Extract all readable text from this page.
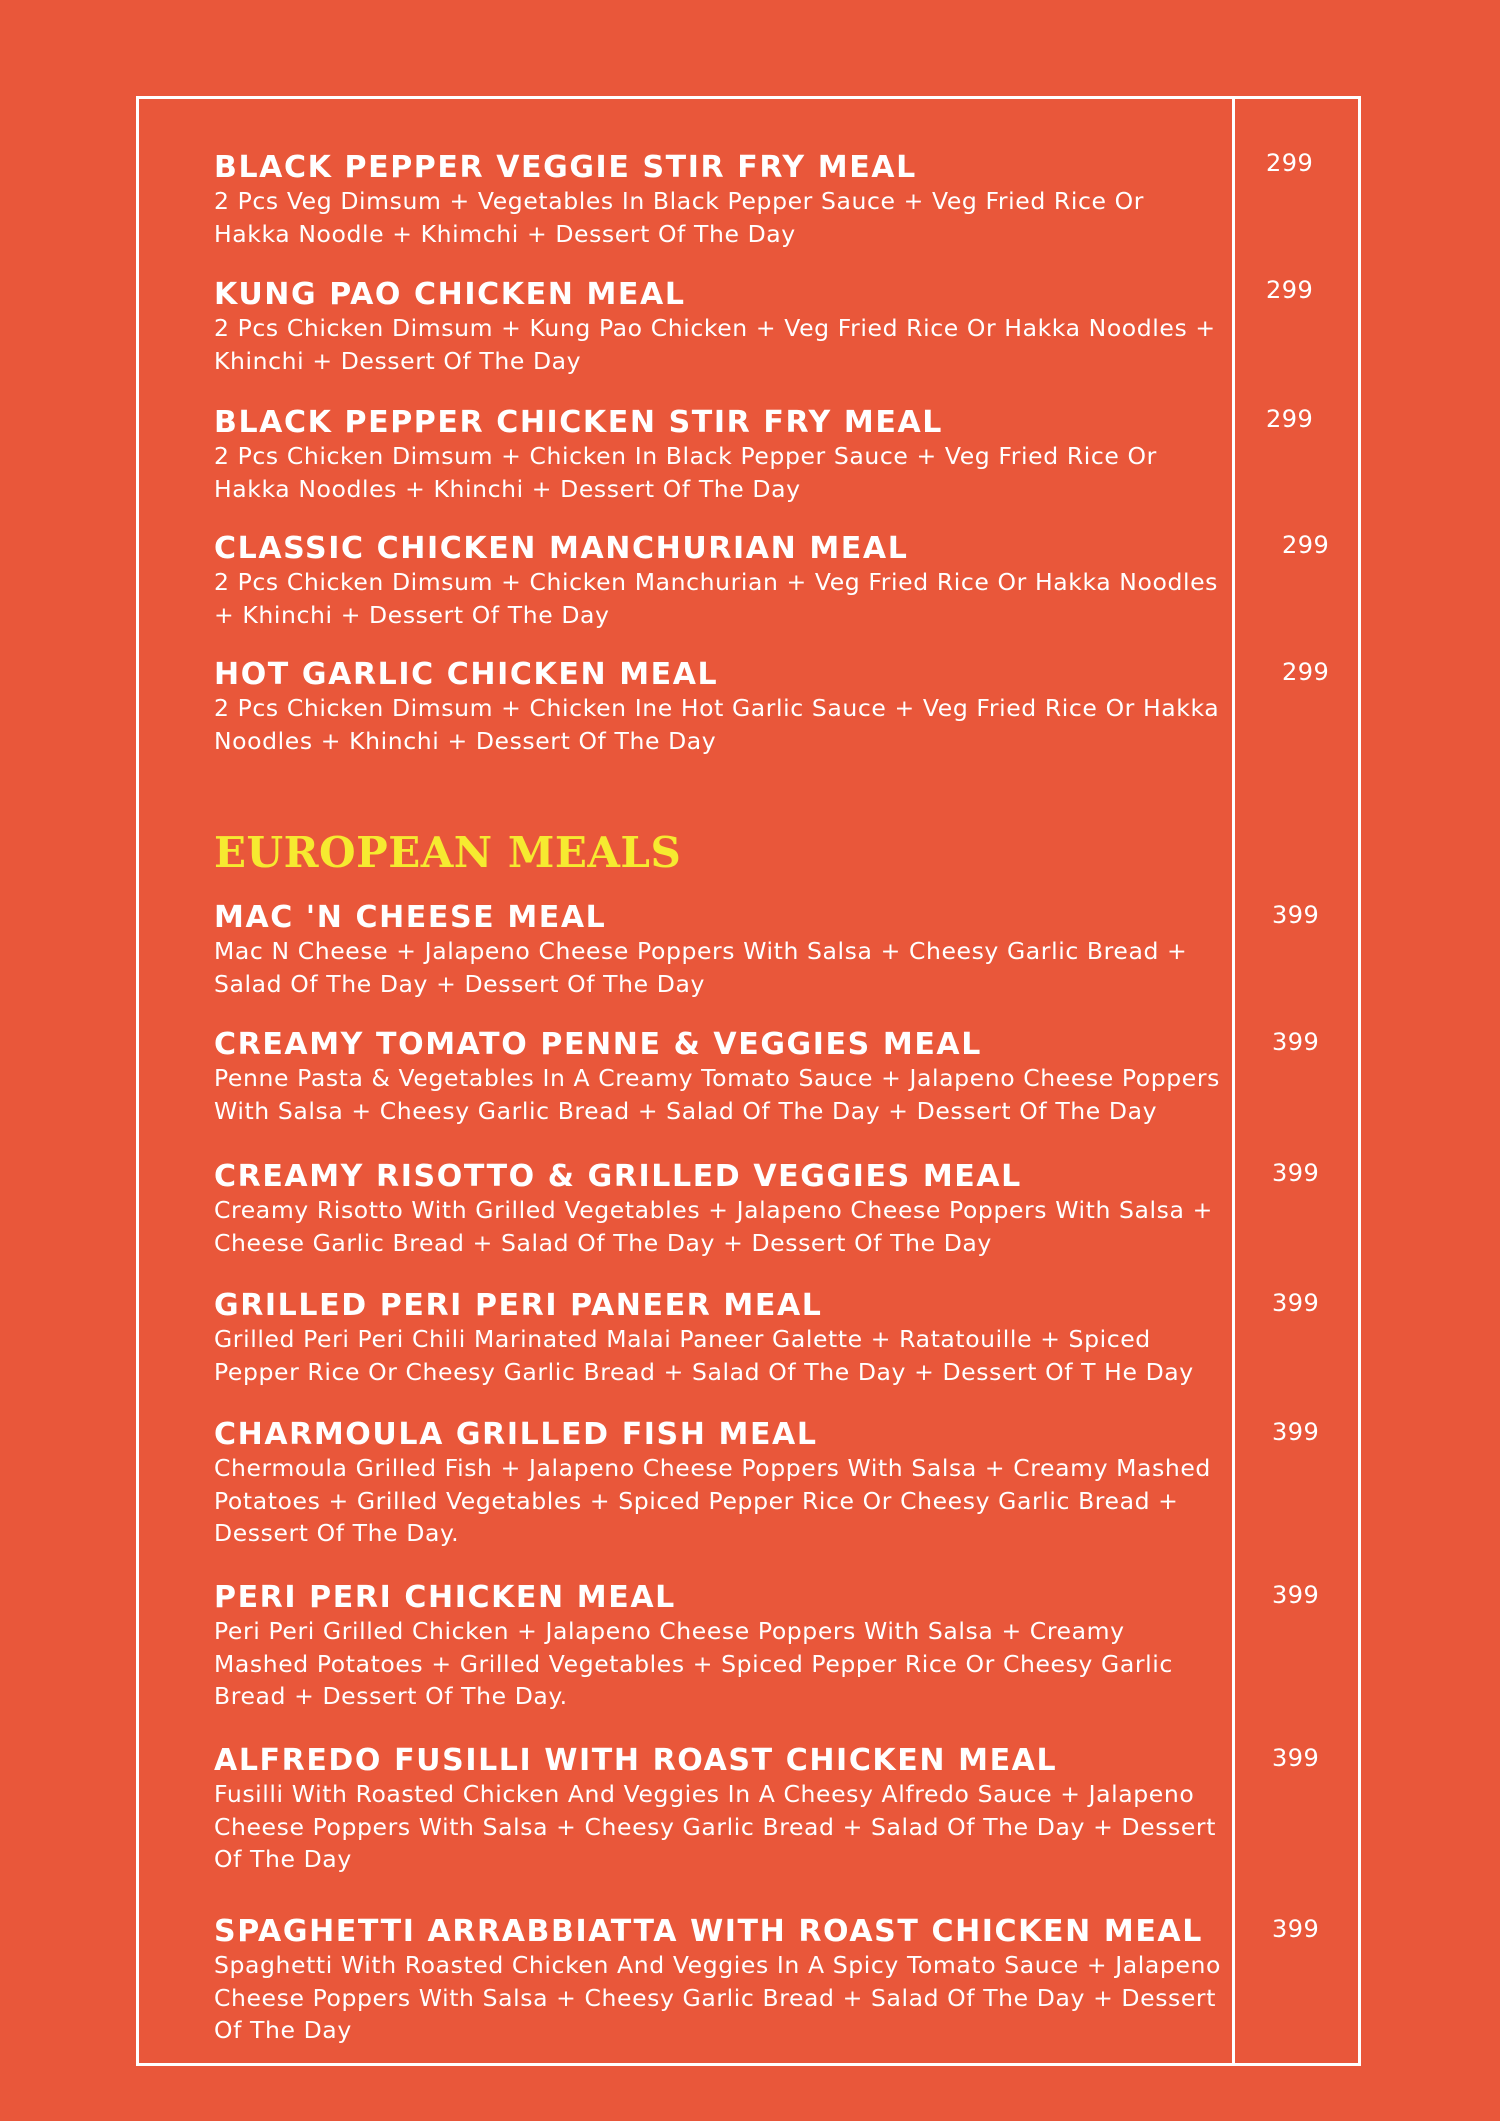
BLACK PEPPER VEGGIE STIR FRY MEAL
2 Pcs Veg Dimsum + Vegetables In Black Pepper Sauce + Veg Fried Rice Or Hakka Noodle + Khimchi + Dessert Of The Day
299
KUNG PAO CHICKEN MEAL
2 Pcs Chicken Dimsum + Kung Pao Chicken + Veg Fried Rice Or Hakka Noodles + Khinchi + Dessert Of The Day
299
BLACK PEPPER CHICKEN STIR FRY MEAL
2 Pcs Chicken Dimsum + Chicken In Black Pepper Sauce + Veg Fried Rice Or Hakka Noodles + Khinchi + Dessert Of The Day
299
CLASSIC CHICKEN MANCHURIAN MEAL
2 Pcs Chicken Dimsum + Chicken Manchurian + Veg Fried Rice Or Hakka Noodles + Khinchi + Dessert Of The Day
299
HOT GARLIC CHICKEN MEAL
2 Pcs Chicken Dimsum + Chicken Ine Hot Garlic Sauce + Veg Fried Rice Or Hakka Noodles + Khinchi + Dessert Of The Day
299
EUROPEAN MEALS
MAC 'N CHEESE MEAL
Mac N Cheese + Jalapeno Cheese Poppers With Salsa + Cheesy Garlic Bread + Salad Of The Day + Dessert Of The Day
399
CREAMY TOMATO PENNE & VEGGIES MEAL
Penne Pasta & Vegetables In A Creamy Tomato Sauce + Jalapeno Cheese Poppers With Salsa + Cheesy Garlic Bread + Salad Of The Day + Dessert Of The Day
399
CREAMY RISOTTO & GRILLED VEGGIES MEAL
Creamy Risotto With Grilled Vegetables + Jalapeno Cheese Poppers With Salsa + Cheese Garlic Bread + Salad Of The Day + Dessert Of The Day
399
GRILLED PERI PERI PANEER MEAL
Grilled Peri Peri Chili Marinated Malai Paneer Galette + Ratatouille + Spiced Pepper Rice Or Cheesy Garlic Bread + Salad Of The Day + Dessert Of T He Day
399
CHARMOULA GRILLED FISH MEAL
Chermoula Grilled Fish + Jalapeno Cheese Poppers With Salsa + Creamy Mashed Potatoes + Grilled Vegetables + Spiced Pepper Rice Or Cheesy Garlic Bread + Dessert Of The Day.
399
PERI PERI CHICKEN MEAL
Peri Peri Grilled Chicken + Jalapeno Cheese Poppers With Salsa + Creamy Mashed Potatoes + Grilled Vegetables + Spiced Pepper Rice Or Cheesy Garlic Bread + Dessert Of The Day.
399
ALFREDO FUSILLI WITH ROAST CHICKEN MEAL
Fusilli With Roasted Chicken And Veggies In A Cheesy Alfredo Sauce + Jalapeno Cheese Poppers With Salsa + Cheesy Garlic Bread + Salad Of The Day + Dessert Of The Day
399
SPAGHETTI ARRABBIATTA WITH ROAST CHICKEN MEAL
Spaghetti With Roasted Chicken And Veggies In A Spicy Tomato Sauce + Jalapeno Cheese Poppers With Salsa + Cheesy Garlic Bread + Salad Of The Day + Dessert Of The Day
399
